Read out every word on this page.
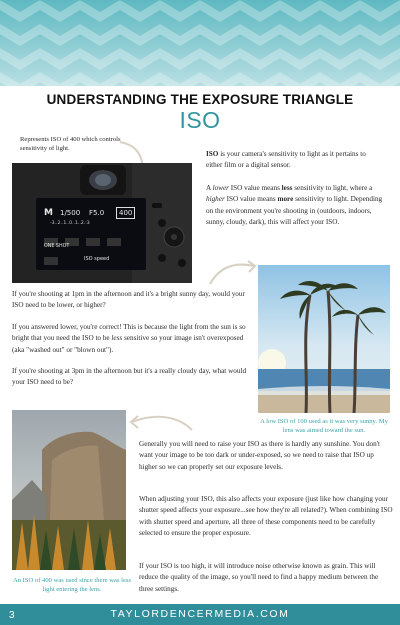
UNDERSTANDING THE EXPOSURE TRIANGLE
ISO
Represents ISO of 400 which controls sensitivity of light.
M 1/500 F5.0	400
-3..2..1..0..1..2.:3

ONE SHOT
ISO speed
ISO is your camera's sensitivity to light as it pertains to either film or a digital sensor.
A lower ISO value means less sensitivity to light, where a higher ISO value means more sensitivity to light. Depending on the environment you're shooting in (outdoors, indoors, sunny, cloudy, dark), this will affect your ISO.
If you're shooting at 1pm in the afternoon and it's a bright sunny day, would your ISO need to be lower, or higher?
If you answered lower, you're correct! This is because the light from the sun is so bright that you need the ISO to be less sensitive so your image isn't overexposed (aka "washed out" or "blown out").
If you're shooting at 3pm in the afternoon but it's a really cloudy day, what would your ISO need to be?
A low ISO of 100 used as it was very sunny. My lens was aimed toward the sun.
Generally you will need to raise your ISO as there is hardly any sunshine. You don't want your image to be too dark or under-exposed, so we need to raise that ISO up higher so we can properly set our exposure levels.
When adjusting your ISO, this also affects your exposure (just like how changing your shutter speed affects your exposure...see how they're all related?). When combining ISO with shutter speed and aperture, all three of these components need to be carefully selected to ensure the proper exposure.
If your ISO is too high, it will introduce noise otherwise known as grain. This will reduce the quality of the image, so you'll need to find a happy medium between the three settings.
An ISO of 400 was used since there was less light entering the lens.
3	TAYLORDENCERMEDIA.COM
